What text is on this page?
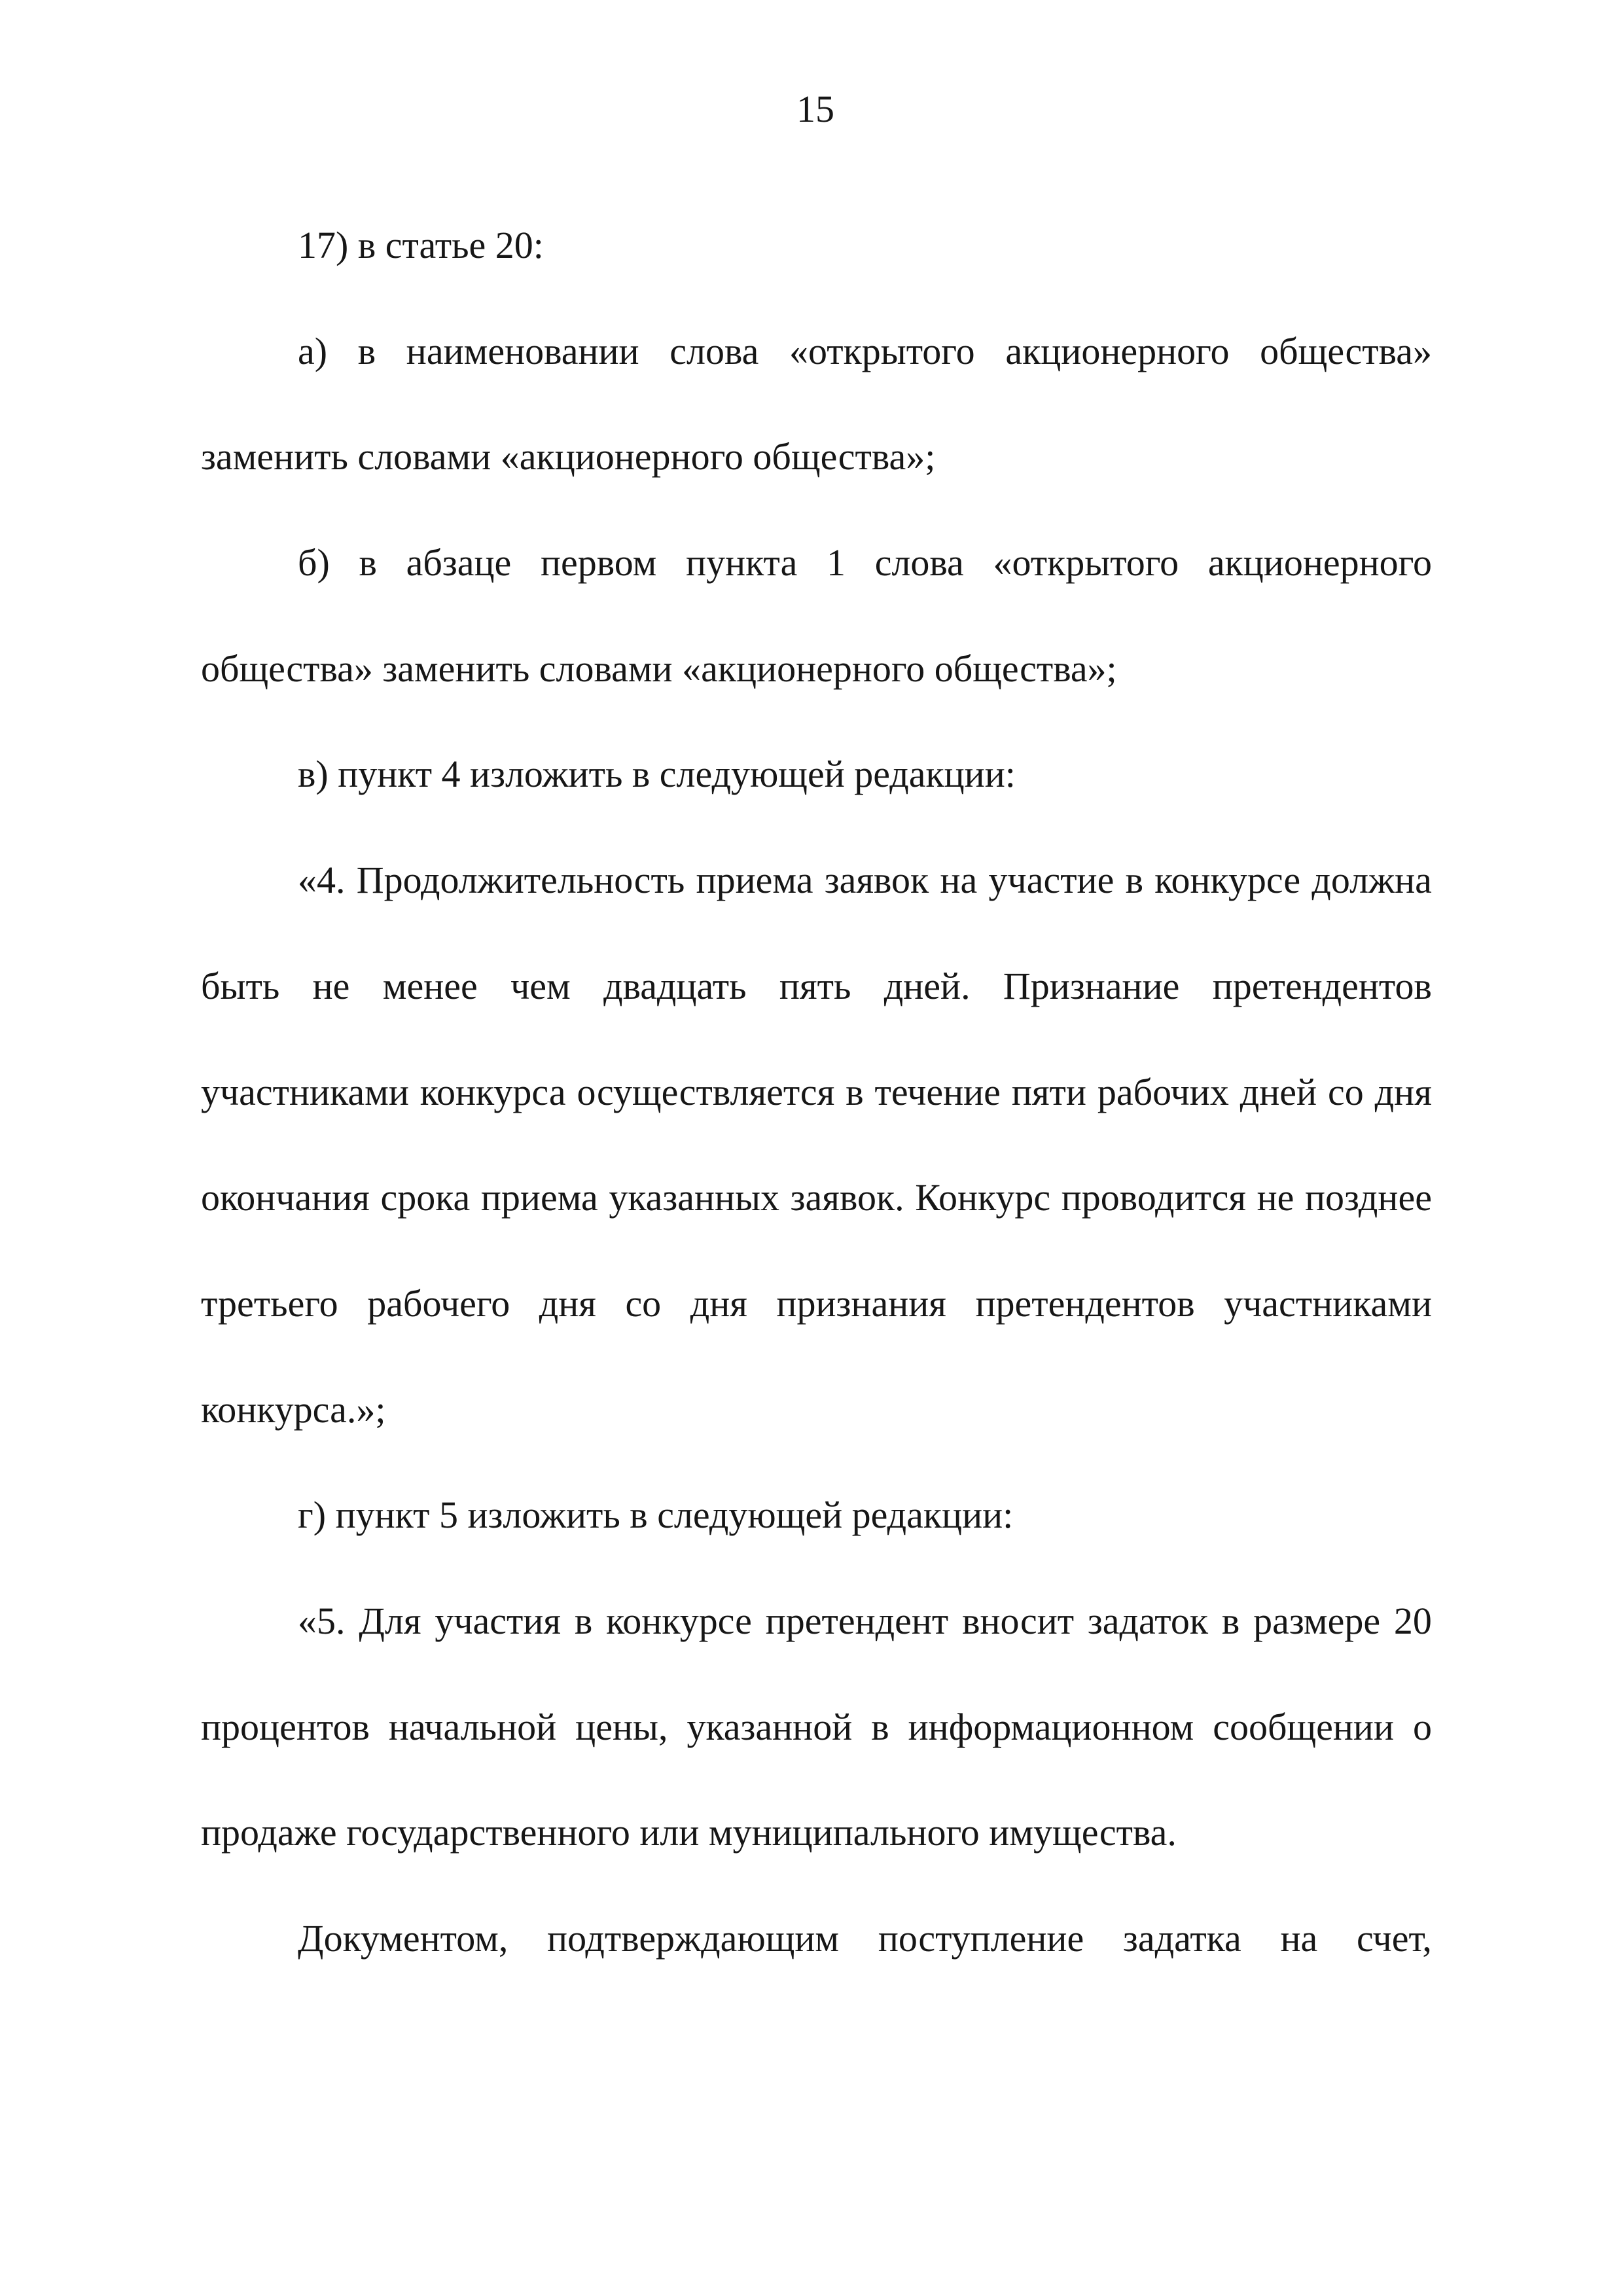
15
17) в статье 20:
а) в наименовании слова «открытого акционерного общества»
заменить словами «акционерного общества»;
б) в абзаце первом пункта 1 слова «открытого акционерного
общества» заменить словами «акционерного общества»;
в) пункт 4 изложить в следующей редакции:
«4. Продолжительность приема заявок на участие в конкурсе должна
быть не менее чем двадцать пять дней. Признание претендентов
участниками конкурса осуществляется в течение пяти рабочих дней со дня
окончания срока приема указанных заявок. Конкурс проводится не позднее
третьего рабочего дня со дня признания претендентов участниками
конкурса.»;
г) пункт 5 изложить в следующей редакции:
«5. Для участия в конкурсе претендент вносит задаток в размере 20
процентов начальной цены, указанной в информационном сообщении о
продаже государственного или муниципального имущества.
Документом, подтверждающим поступление задатка на счет,
